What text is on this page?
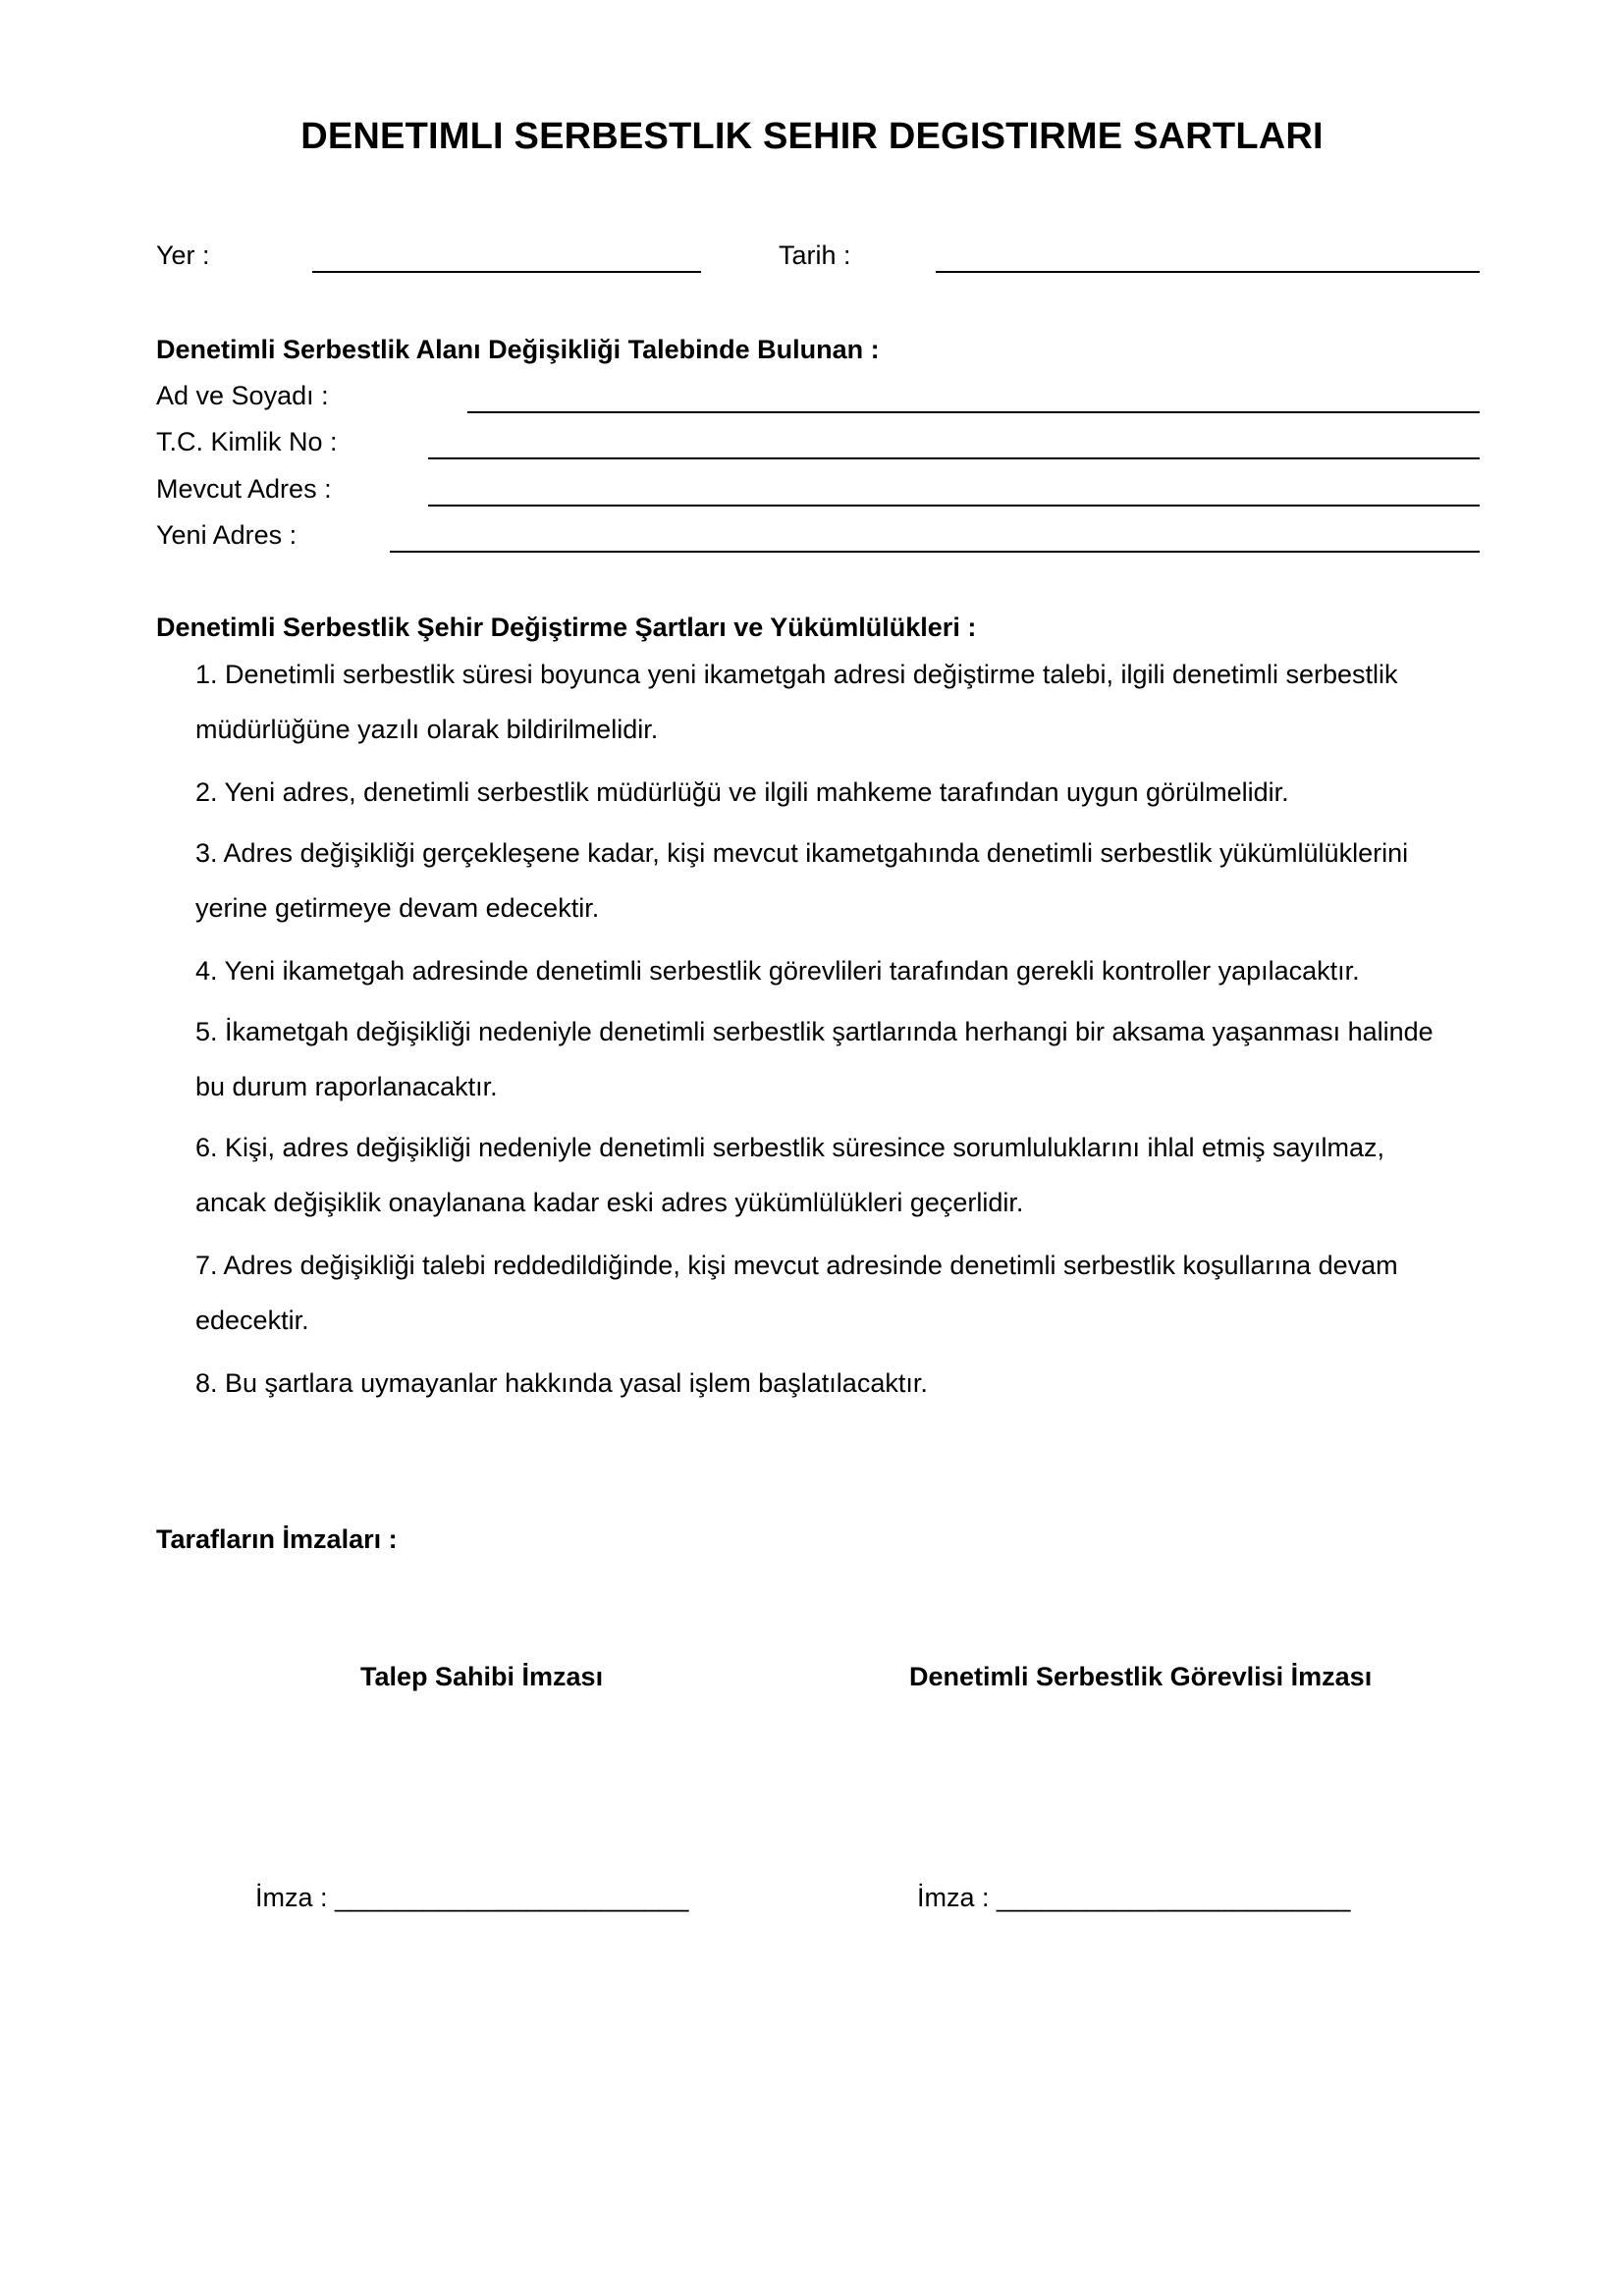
DENETIMLI SERBESTLIK SEHIR DEGISTIRME SARTLARI
Yer :	Tarih :
Denetimli Serbestlik Alanı Değişikliği Talebinde Bulunan :
Ad ve Soyadı :
T.C. Kimlik No :
Mevcut Adres :
Yeni Adres :
Denetimli Serbestlik Şehir Değiştirme Şartları ve Yükümlülükleri :
1. Denetimli serbestlik süresi boyunca yeni ikametgah adresi değiştirme talebi, ilgili denetimli serbestlik
müdürlüğüne yazılı olarak bildirilmelidir.
2. Yeni adres, denetimli serbestlik müdürlüğü ve ilgili mahkeme tarafından uygun görülmelidir.
3. Adres değişikliği gerçekleşene kadar, kişi mevcut ikametgahında denetimli serbestlik yükümlülüklerini
yerine getirmeye devam edecektir.
4. Yeni ikametgah adresinde denetimli serbestlik görevlileri tarafından gerekli kontroller yapılacaktır.
5. İkametgah değişikliği nedeniyle denetimli serbestlik şartlarında herhangi bir aksama yaşanması halinde
bu durum raporlanacaktır.
6. Kişi, adres değişikliği nedeniyle denetimli serbestlik süresince sorumluluklarını ihlal etmiş sayılmaz,
ancak değişiklik onaylanana kadar eski adres yükümlülükleri geçerlidir.
7. Adres değişikliği talebi reddedildiğinde, kişi mevcut adresinde denetimli serbestlik koşullarına devam
edecektir.
8. Bu şartlara uymayanlar hakkında yasal işlem başlatılacaktır.
Tarafların İmzaları :
Talep Sahibi İmzası	Denetimli Serbestlik Görevlisi İmzası
İmza : ________________________	İmza : ________________________
